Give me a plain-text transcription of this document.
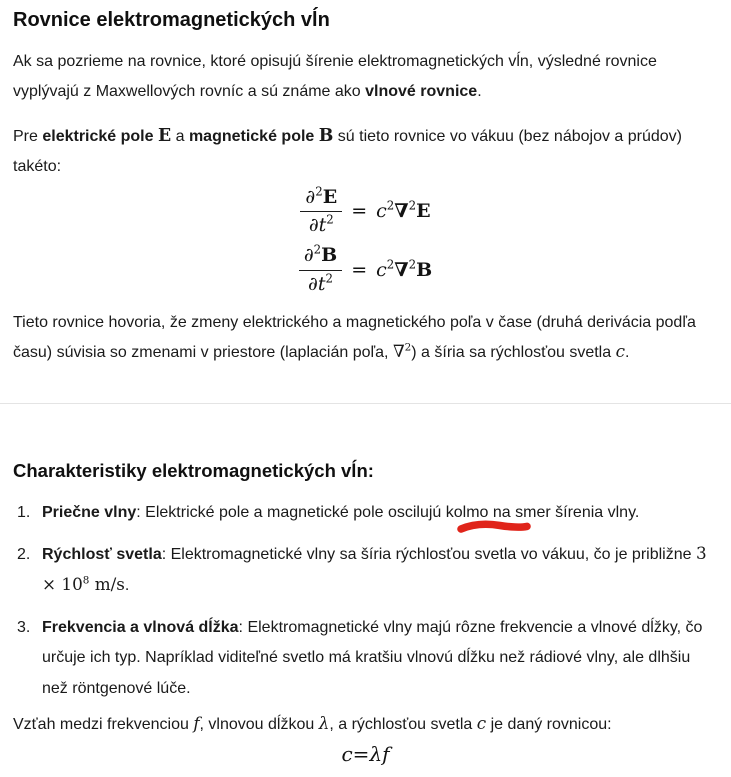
Rovnice elektromagnetických vĺn

Ak sa pozrieme na rovnice, ktoré opisujú šírenie elektromagnetických vĺn, výsledné rovnice vyplývajú z Maxwellových rovníc a sú známe ako vlnové rovnice.

Pre elektrické pole E a magnetické pole B sú tieto rovnice vo vákuu (bez nábojov a prúdov) takéto:

$\frac{\partial^2E}{\partial t^2} = c^2\nabla^2E$
$\frac{\partial^2B}{\partial t^2} = c^2\nabla^2B$

Tieto rovnice hovoria, že zmeny elektrického a magnetického poľa v čase (druhá derivácia podľa času) súvisia so zmenami v priestore (laplacián poľa, ∇$^2$) a šíria sa rýchlosťou svetla c.

Charakteristiky elektromagnetických vĺn:
1. Priečne vlny: Elektrické pole a magnetické pole oscilujú kolmo na smer šírenia vlny.
2. Rýchlosť svetla: Elektromagnetické vlny sa šíria rýchlosťou svetla vo vákuu, čo je približne $3 \times 10^8$ m/s.
3. Frekvencia a vlnová dĺžka: Elektromagnetické vlny majú rôzne frekvencie a vlnové dĺžky, čo určuje ich typ. Napríklad viditeľné svetlo má kratšiu vlnovú dĺžku než rádiové vlny, ale dlhšiu než röntgenové lúče.

Vzťah medzi frekvenciou f, vlnovou dĺžkou λ, a rýchlosťou svetla c je daný rovnicou:

c = λf
